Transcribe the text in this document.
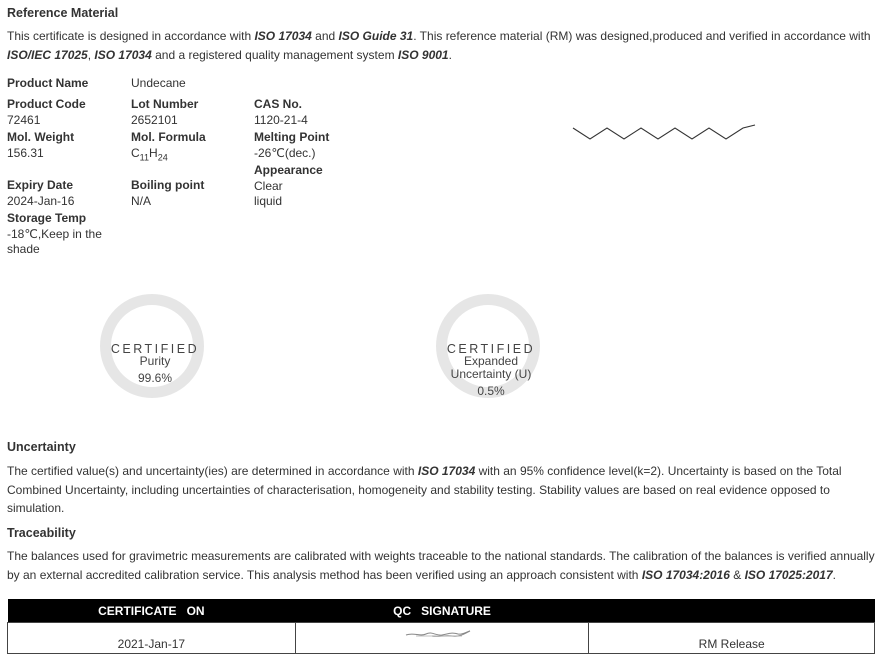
Reference Material

This certificate is designed in accordance with ISO 17034 and ISO Guide 31. This reference material (RM) was designed,produced and verified in accordance with ISO/IEC 17025, ISO 17034 and a registered quality management system ISO 9001.

Product Name	Undecane
Product Code
72461
Lot Number
2652101
CAS No.
1120-21-4
Mol. Weight
156.31
Mol. Formula
$C_{11}H_{24}$
Melting Point
-26℃(dec.)
Appearance
Clear
liquid
Expiry Date
2024-Jan-16
Boiling point
N/A
Storage Temp
-18℃,Keep in the
shade
CERTIFIED
Purity
99.6%
CERTIFIED
Expanded
Uncertainty (U)
0.5%
Uncertainty

The certified value(s) and uncertainty(ies) are determined in accordance with ISO 17034 with an 95% confidence level(k=2). Uncertainty is based on the Total Combined Uncertainty, including uncertainties of characterisation, homogeneity and stability testing. Stability values are based on real evidence opposed to simulation.

Traceability

The balances used for gravimetric measurements are calibrated with weights traceable to the national standards. The calibration of the balances is verified annually by an external accredited calibration service. This analysis method has been verified using an approach consistent with ISO 17034:2016 & ISO 17025:2017.

CERTIFICATE   ON	QC   SIGNATURE	
2021-Jan-17		RM Release
